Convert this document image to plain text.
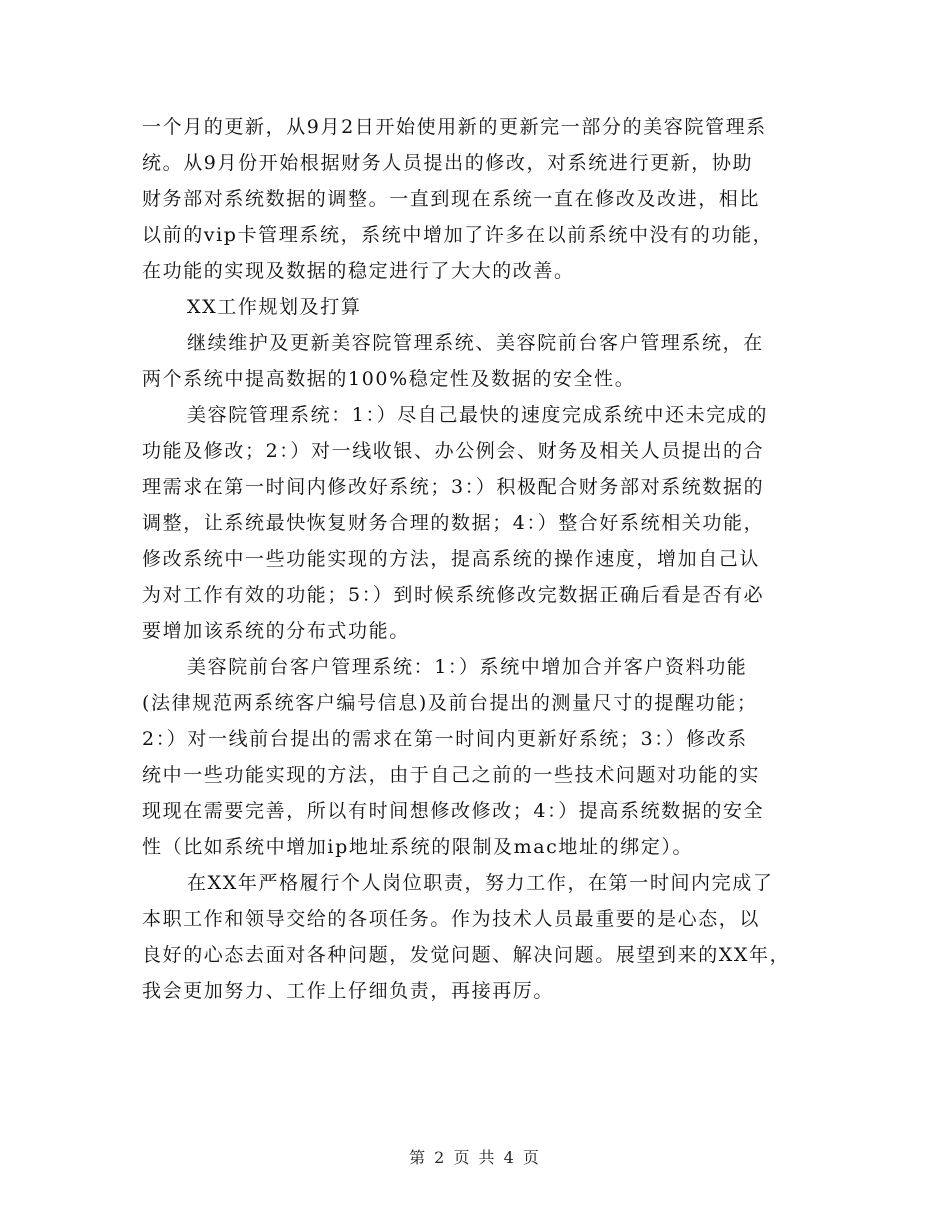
一个月的更新，从9月2日开始使用新的更新完一部分的美容院管理系
统。从9月份开始根据财务人员提出的修改，对系统进行更新，协助
财务部对系统数据的调整。一直到现在系统一直在修改及改进，相比
以前的vip卡管理系统，系统中增加了许多在以前系统中没有的功能，
在功能的实现及数据的稳定进行了大大的改善。
XX工作规划及打算
继续维护及更新美容院管理系统、美容院前台客户管理系统，在
两个系统中提高数据的100%稳定性及数据的安全性。
美容院管理系统：1：）尽自己最快的速度完成系统中还未完成的
功能及修改；2：）对一线收银、办公例会、财务及相关人员提出的合
理需求在第一时间内修改好系统；3：）积极配合财务部对系统数据的
调整，让系统最快恢复财务合理的数据；4：）整合好系统相关功能，
修改系统中一些功能实现的方法，提高系统的操作速度，增加自己认
为对工作有效的功能；5：）到时候系统修改完数据正确后看是否有必
要增加该系统的分布式功能。
美容院前台客户管理系统：1：）系统中增加合并客户资料功能
(法律规范两系统客户编号信息)及前台提出的测量尺寸的提醒功能；
2：）对一线前台提出的需求在第一时间内更新好系统；3：）修改系
统中一些功能实现的方法，由于自己之前的一些技术问题对功能的实
现现在需要完善，所以有时间想修改修改；4：）提高系统数据的安全
性（比如系统中增加ip地址系统的限制及mac地址的绑定）。
在XX年严格履行个人岗位职责，努力工作，在第一时间内完成了
本职工作和领导交给的各项任务。作为技术人员最重要的是心态，以
良好的心态去面对各种问题，发觉问题、解决问题。展望到来的XX年，
我会更加努力、工作上仔细负责，再接再厉。
第 2 页 共 4 页
